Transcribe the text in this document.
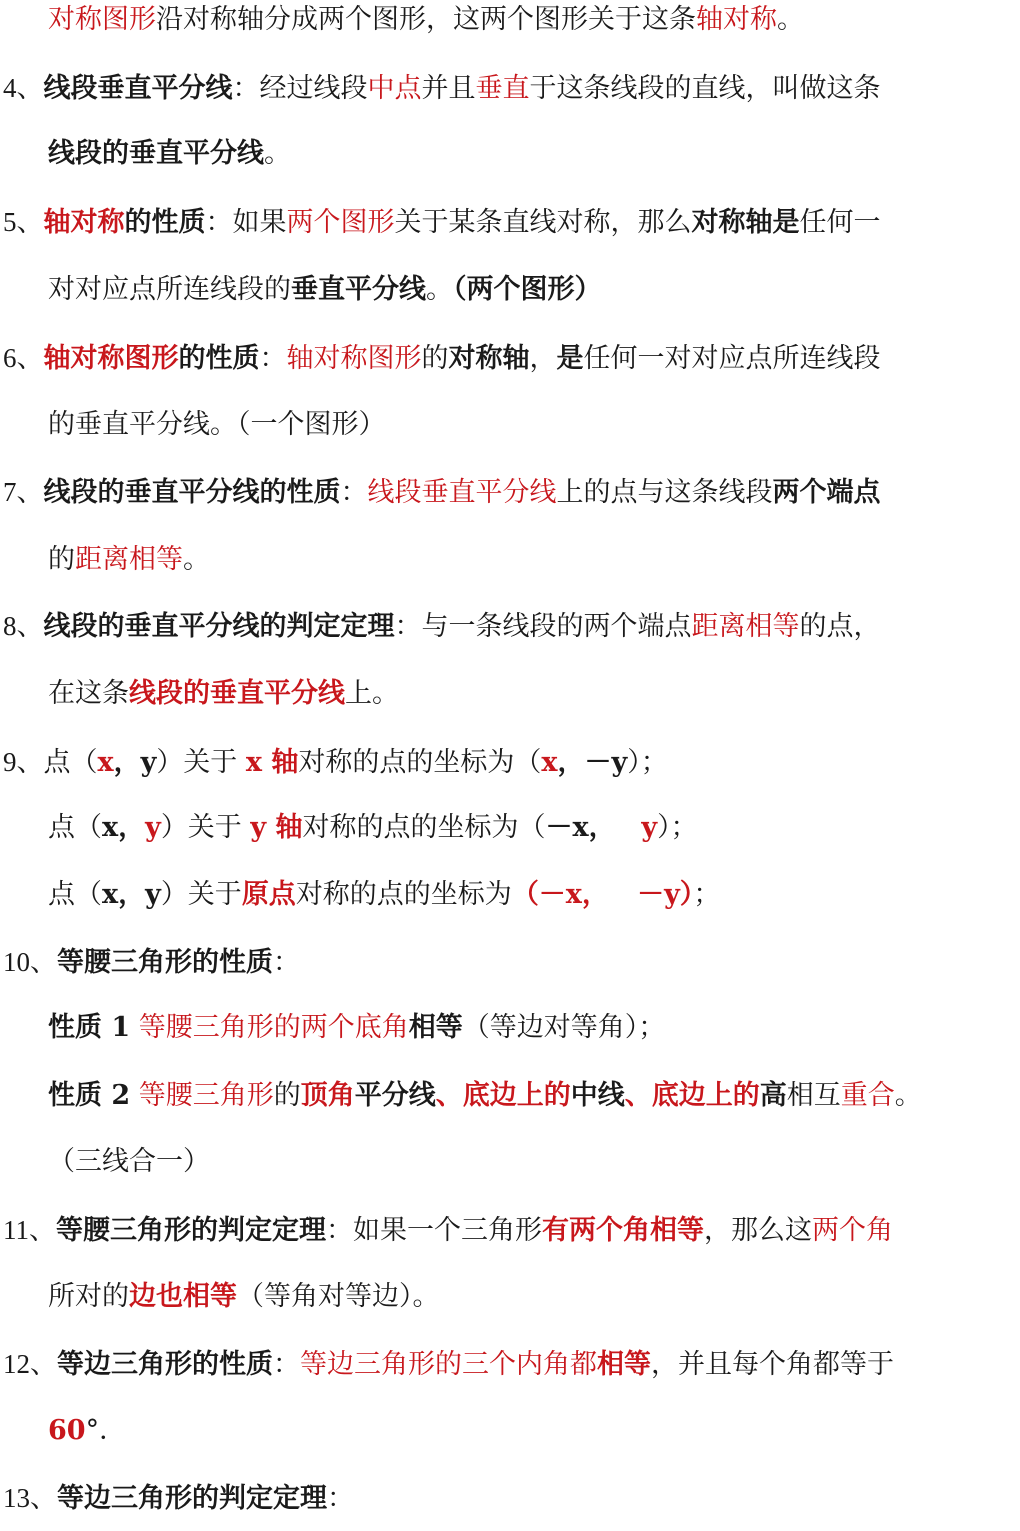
对称图形沿对称轴分成两个图形，这两个图形关于这条轴对称。
4、线段垂直平分线：经过线段中点并且垂直于这条线段的直线，叫做这条
线段的垂直平分线。
5、轴对称的性质：如果两个图形关于某条直线对称，那么对称轴是任何一
对对应点所连线段的垂直平分线。（两个图形）
6、轴对称图形的性质：轴对称图形的对称轴，是任何一对对应点所连线段
的垂直平分线。（一个图形）
7、线段的垂直平分线的性质：线段垂直平分线上的点与这条线段两个端点
的距离相等。
8、线段的垂直平分线的判定定理：与一条线段的两个端点距离相等的点，
在这条线段的垂直平分线上。
9、点（x，y）关于 x 轴对称的点的坐标为（x，－y）；
点（x，y）关于 y 轴对称的点的坐标为（－x， y）；
点（x，y）关于原点对称的点的坐标为（－x，   －y）；
10、等腰三角形的性质：
性质 1 等腰三角形的两个底角相等（等边对等角）；
性质 2 等腰三角形的顶角平分线、底边上的中线、底边上的高相互重合。
（三线合一）
11、等腰三角形的判定定理：如果一个三角形有两个角相等，那么这两个角
所对的边也相等（等角对等边）。
12、等边三角形的性质：等边三角形的三个内角都相等，并且每个角都等于
60°．
13、等边三角形的判定定理：
